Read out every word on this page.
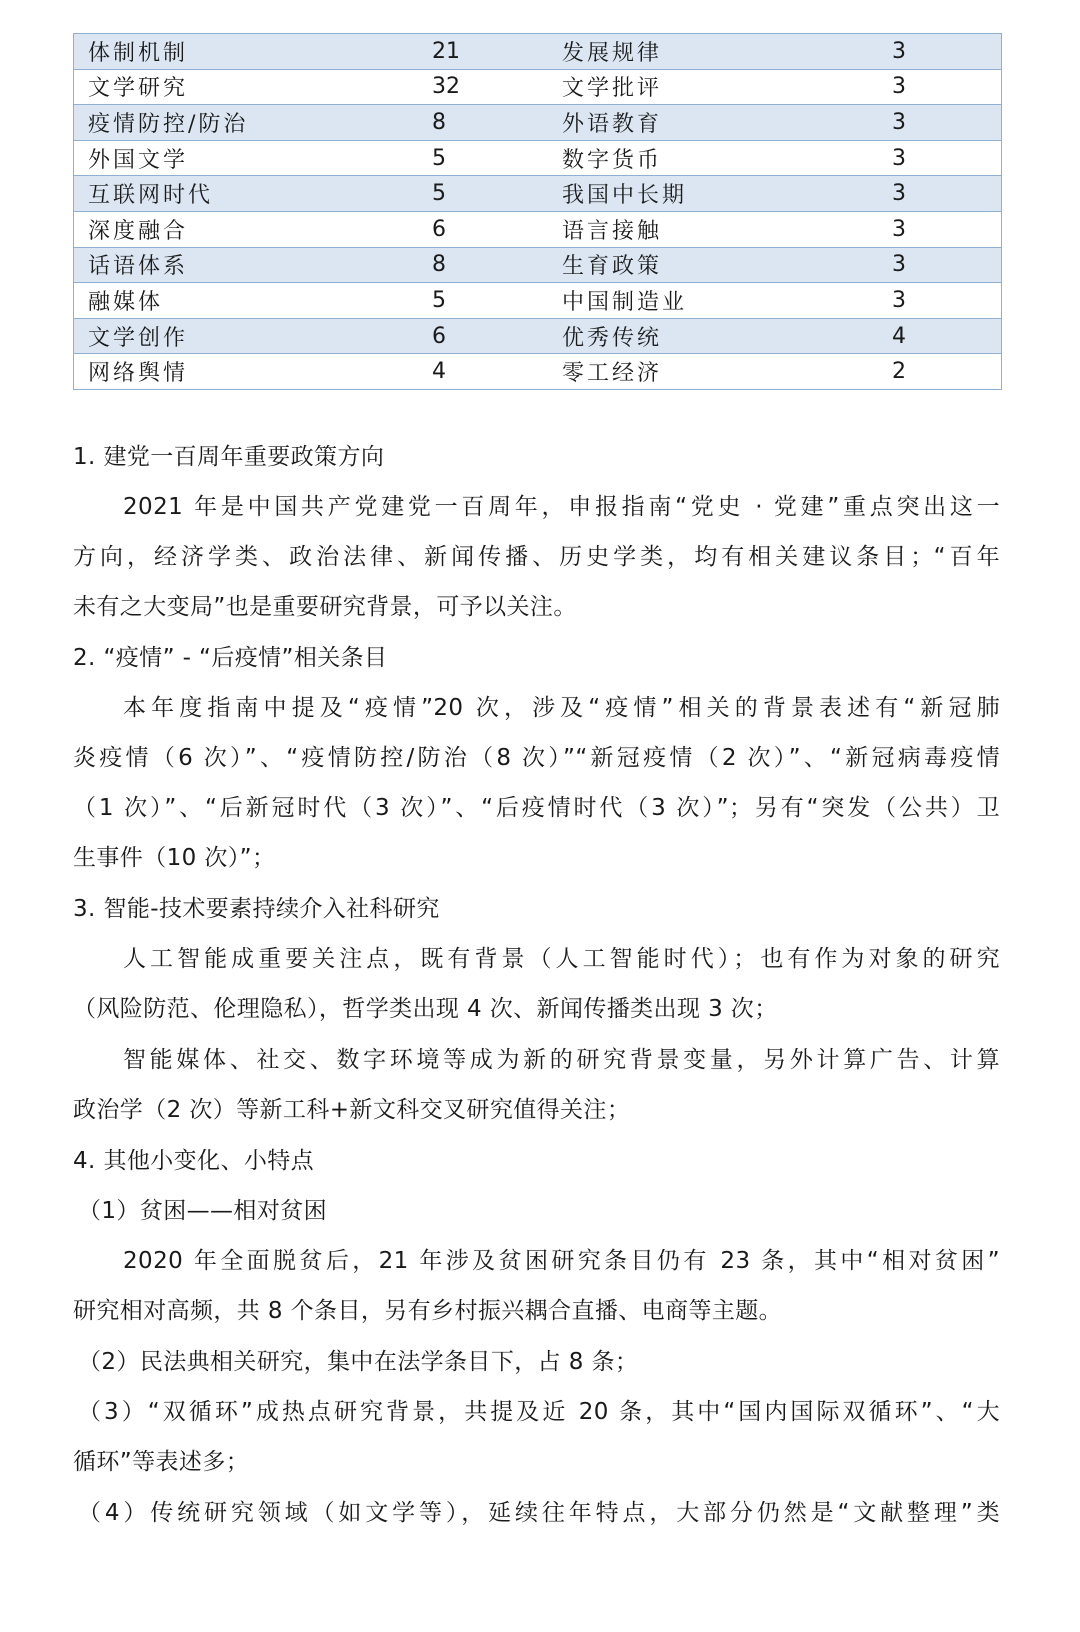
体制机制	21	发展规律	3
文学研究	32	文学批评	3
疫情防控/防治	8	外语教育	3
外国文学	5	数字货币	3
互联网时代	5	我国中长期	3
深度融合	6	语言接触	3
话语体系	8	生育政策	3
融媒体	5	中国制造业	3
文学创作	6	优秀传统	4
网络舆情	4	零工经济	2

1. 建党一百周年重要政策方向

2021 年是中国共产党建党一百周年，申报指南“党史 · 党建”重点突出这一

方向，经济学类、政治法律、新闻传播、历史学类，均有相关建议条目；“百年

未有之大变局”也是重要研究背景，可予以关注。

2. “疫情” - “后疫情”相关条目

本年度指南中提及“疫情”20 次，涉及“疫情”相关的背景表述有“新冠肺

炎疫情（6 次）”、“疫情防控/防治（8 次）”“新冠疫情（2 次）”、“新冠病毒疫情

（1 次）”、“后新冠时代（3 次）”、“后疫情时代（3 次）”；另有“突发（公共）卫

生事件（10 次）”；

3. 智能-技术要素持续介入社科研究

人工智能成重要关注点，既有背景（人工智能时代）；也有作为对象的研究

（风险防范、伦理隐私），哲学类出现 4 次、新闻传播类出现 3 次；

智能媒体、社交、数字环境等成为新的研究背景变量，另外计算广告、计算

政治学（2 次）等新工科+新文科交叉研究值得关注；

4. 其他小变化、小特点

（1）贫困——相对贫困

2020 年全面脱贫后，21 年涉及贫困研究条目仍有 23 条，其中“相对贫困”

研究相对高频，共 8 个条目，另有乡村振兴耦合直播、电商等主题。

（2）民法典相关研究，集中在法学条目下，占 8 条；

（3）“双循环”成热点研究背景，共提及近 20 条，其中“国内国际双循环”、“大

循环”等表述多；

（4）传统研究领域（如文学等），延续往年特点，大部分仍然是“文献整理”类
